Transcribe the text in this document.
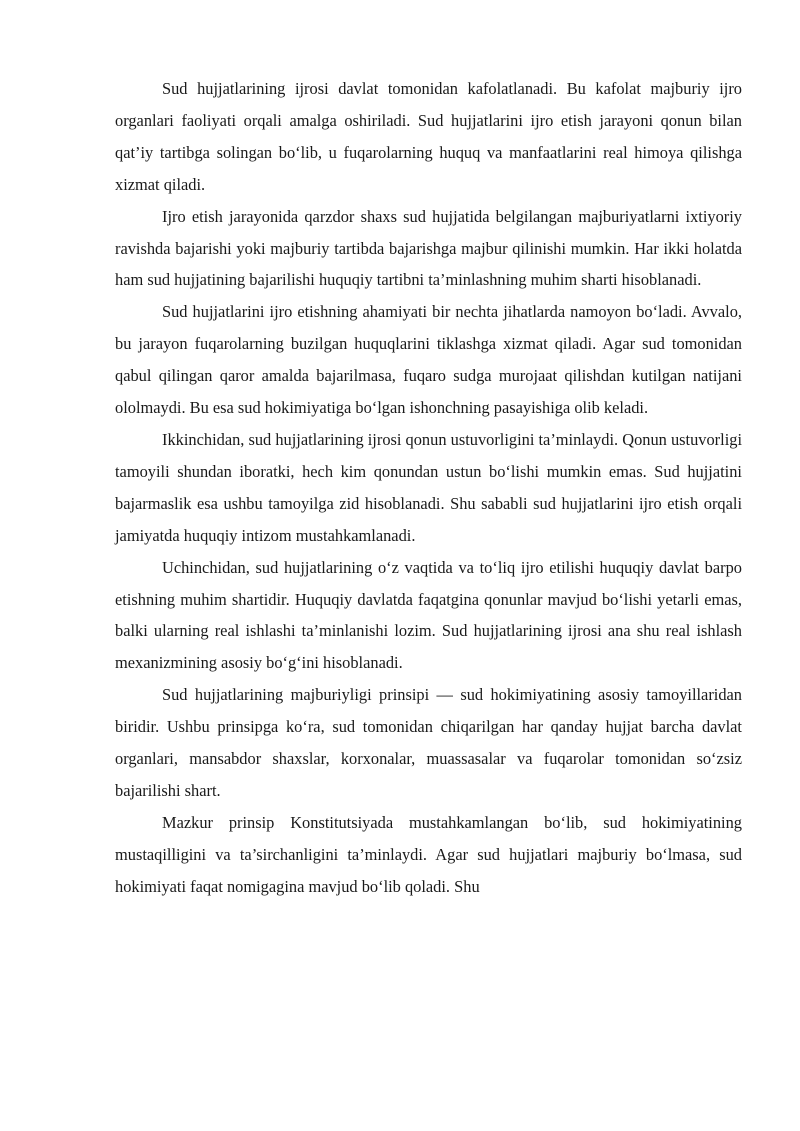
Sud hujjatlarining ijrosi davlat tomonidan kafolatlanadi. Bu kafolat majburiy ijro organlari faoliyati orqali amalga oshiriladi. Sud hujjatlarini ijro etish jarayoni qonun bilan qat’iy tartibga solingan bo‘lib, u fuqarolarning huquq va manfaatlarini real himoya qilishga xizmat qiladi.

Ijro etish jarayonida qarzdor shaxs sud hujjatida belgilangan majburiyatlarni ixtiyoriy ravishda bajarishi yoki majburiy tartibda bajarishga majbur qilinishi mumkin. Har ikki holatda ham sud hujjatining bajarilishi huquqiy tartibni ta’minlashning muhim sharti hisoblanadi.

Sud hujjatlarini ijro etishning ahamiyati bir nechta jihatlarda namoyon bo‘ladi. Avvalo, bu jarayon fuqarolarning buzilgan huquqlarini tiklashga xizmat qiladi. Agar sud tomonidan qabul qilingan qaror amalda bajarilmasa, fuqaro sudga murojaat qilishdan kutilgan natijani ololmaydi. Bu esa sud hokimiyatiga bo‘lgan ishonchning pasayishiga olib keladi.

Ikkinchidan, sud hujjatlarining ijrosi qonun ustuvorligini ta’minlaydi. Qonun ustuvorligi tamoyili shundan iboratki, hech kim qonundan ustun bo‘lishi mumkin emas. Sud hujjatini bajarmaslik esa ushbu tamoyilga zid hisoblanadi. Shu sababli sud hujjatlarini ijro etish orqali jamiyatda huquqiy intizom mustahkamlanadi.

Uchinchidan, sud hujjatlarining o‘z vaqtida va to‘liq ijro etilishi huquqiy davlat barpo etishning muhim shartidir. Huquqiy davlatda faqatgina qonunlar mavjud bo‘lishi yetarli emas, balki ularning real ishlashi ta’minlanishi lozim. Sud hujjatlarining ijrosi ana shu real ishlash mexanizmining asosiy bo‘g‘ini hisoblanadi.

Sud hujjatlarining majburiyligi prinsipi — sud hokimiyatining asosiy tamoyillaridan biridir. Ushbu prinsipga ko‘ra, sud tomonidan chiqarilgan har qanday hujjat barcha davlat organlari, mansabdor shaxslar, korxonalar, muassasalar va fuqarolar tomonidan so‘zsiz bajarilishi shart.

Mazkur prinsip Konstitutsiyada mustahkamlangan bo‘lib, sud hokimiyatining mustaqilligini va ta’sirchanligini ta’minlaydi. Agar sud hujjatlari majburiy bo‘lmasa, sud hokimiyati faqat nomigagina mavjud bo‘lib qoladi. Shu
